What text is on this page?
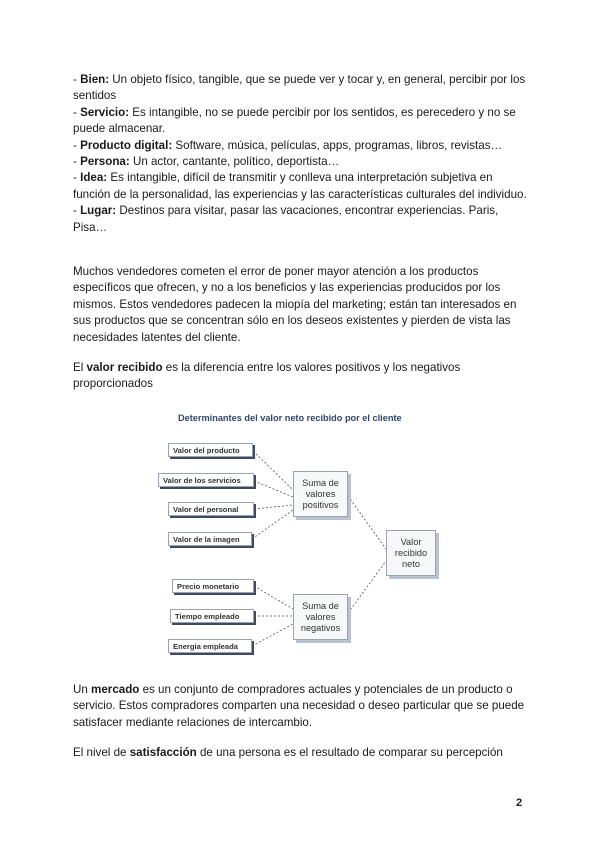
- Bien: Un objeto físico, tangible, que se puede ver y tocar y, en general, percibir por los sentidos

- Servicio: Es intangible, no se puede percibir por los sentidos, es perecedero y no se puede almacenar.

- Producto digital: Software, música, películas, apps, programas, libros, revistas…

- Persona: Un actor, cantante, político, deportista…

- Idea: Es intangible, difícil de transmitir y conlleva una interpretación subjetiva en función de la personalidad, las experiencias y las características culturales del individuo.

- Lugar: Destinos para visitar, pasar las vacaciones, encontrar experiencias. Paris, Pisa…

Muchos vendedores cometen el error de poner mayor atención a los productos específicos que ofrecen, y no a los beneficios y las experiencias producidos por los mismos. Estos vendedores padecen la miopía del marketing; están tan interesados en sus productos que se concentran sólo en los deseos existentes y pierden de vista las necesidades latentes del cliente.

El valor recibido es la diferencia entre los valores positivos y los negativos proporcionados

Determinantes del valor neto recibido por el cliente
Valor del producto
Valor de los servicios
Valor del personal
Valor de la imagen
Precio monetario
Tiempo empleado
Energía empleada
Suma de valores positivos
Suma de valores negativos
Valor recibido neto

Un mercado es un conjunto de compradores actuales y potenciales de un producto o servicio. Estos compradores comparten una necesidad o deseo particular que se puede satisfacer mediante relaciones de intercambio.

El nivel de satisfacción de una persona es el resultado de comparar su percepción

2
